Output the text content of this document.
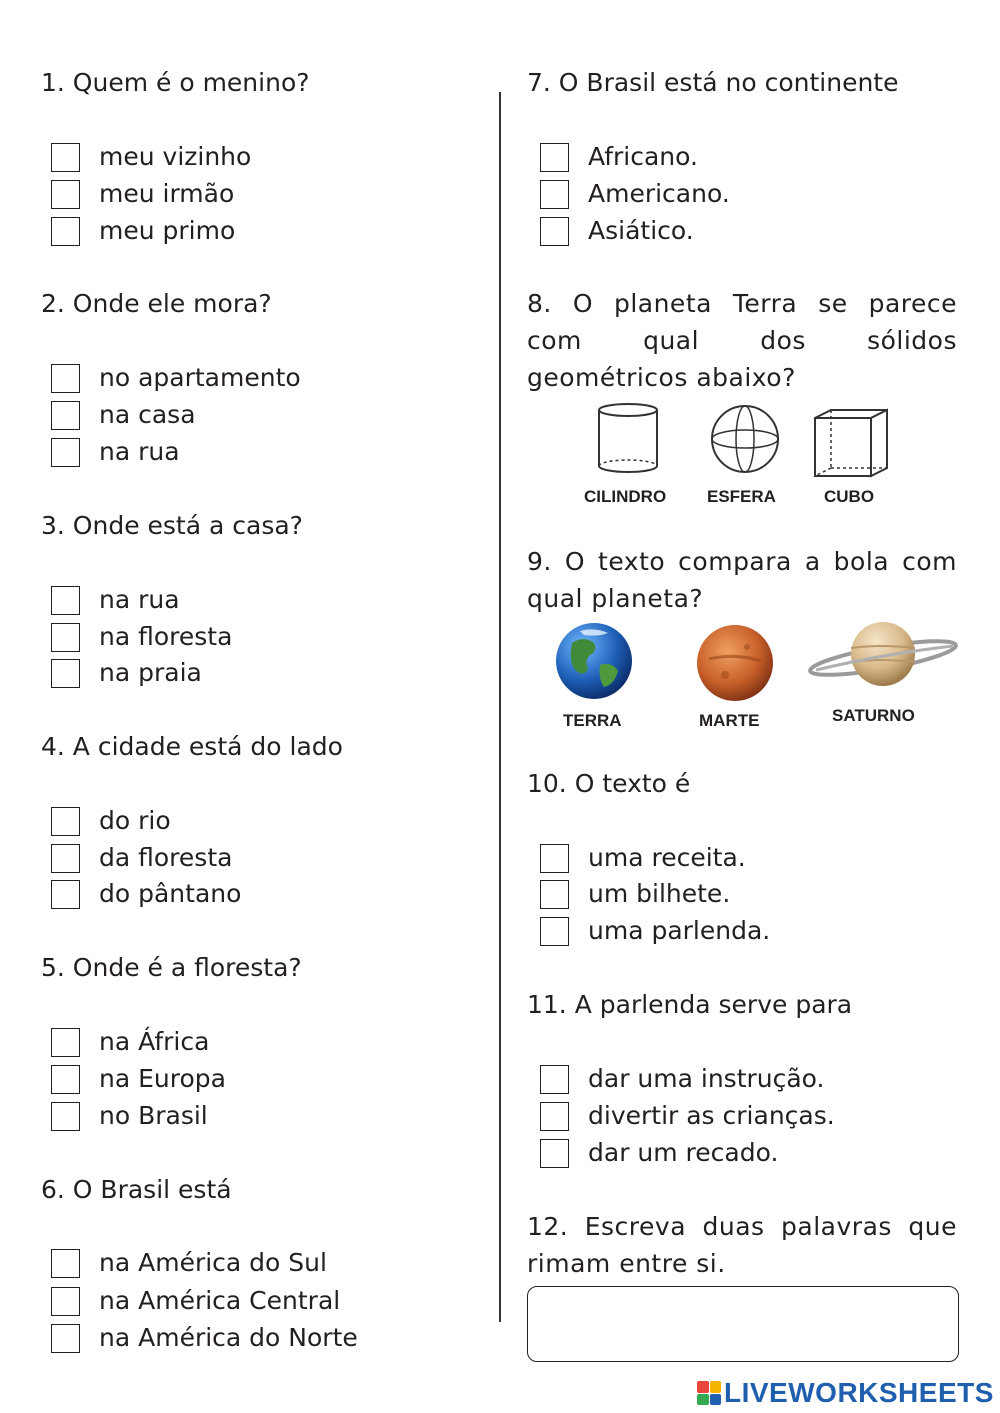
1. Quem é o menino?

meu vizinho
meu irmão
meu primo

2. Onde ele mora?

no apartamento
na casa
na rua

3. Onde está a casa?

na rua
na floresta
na praia

4. A cidade está do lado

do rio
da floresta
do pântano

5. Onde é a floresta?

na África
na Europa
no Brasil

6. O Brasil está

na América do Sul
na América Central
na América do Norte

7. O Brasil está no continente

Africano.
Americano.
Asiático.

8. O planeta Terra se parece com qual dos sólidos geométricos abaixo?

CILINDRO ESFERA	CUBO

9. O texto compara a bola com qual planeta?

TERRA	MARTE	SATURNO

10. O texto é

uma receita.
um bilhete.
uma parlenda.

11. A parlenda serve para

dar uma instrução.
divertir as crianças.
dar um recado.

12. Escreva duas palavras que rimam entre si.

LIVEWORKSHEETS
